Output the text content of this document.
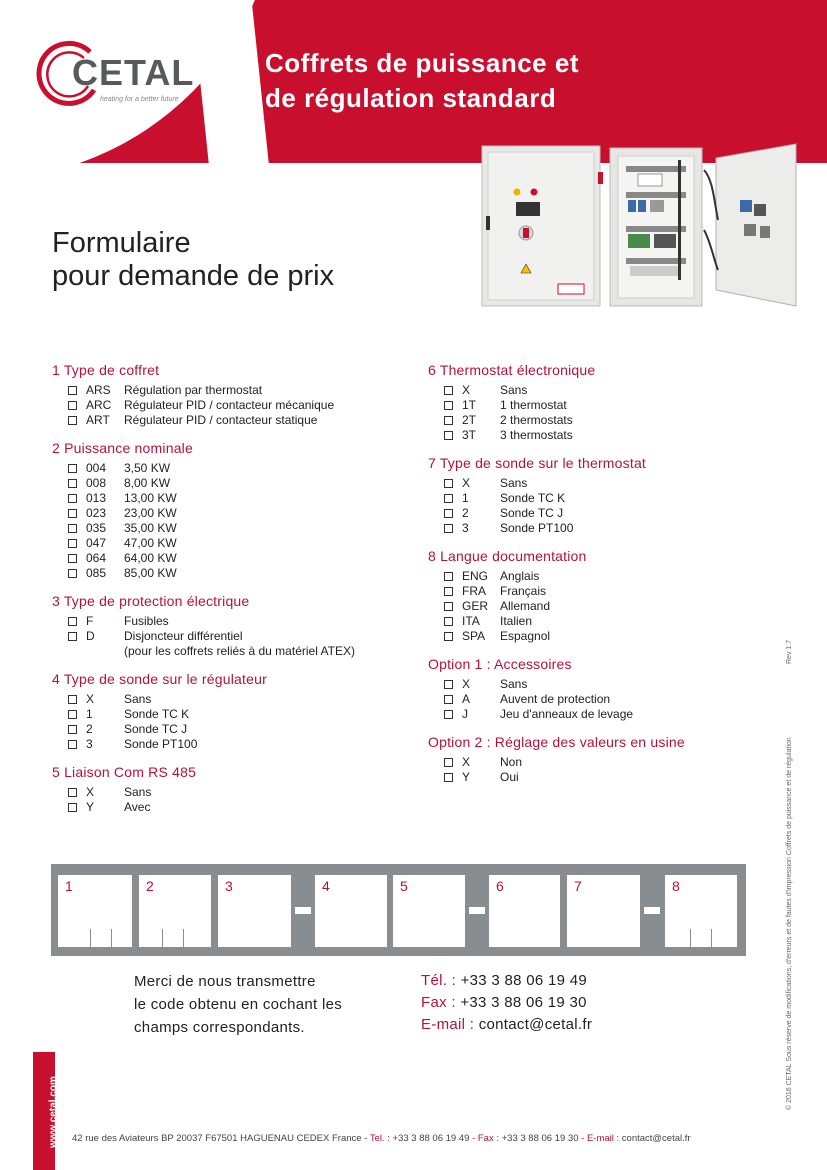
CETAL
heating for a better future
Coffrets de puissance et
de régulation standard
Formulaire
pour demande de prix
1 Type de coffret
ARS Régulation par thermostat
ARC Régulateur PID / contacteur mécanique
ART Régulateur PID / contacteur statique
2 Puissance nominale
004 3,50 KW
008 8,00 KW
013 13,00 KW
023 23,00 KW
035 35,00 KW
047 47,00 KW
064 64,00 KW
085 85,00 KW
3 Type de protection électrique
F	Fusibles
D Disjoncteur différentiel
(pour les coffrets reliés à du matériel ATEX)
4 Type de sonde sur le régulateur
X Sans
1	Sonde TC K
2	Sonde TC J
3	Sonde PT100
5 Liaison Com RS 485
X Sans
Y Avec
6 Thermostat électronique
X Sans
1T 1 thermostat
2T 2 thermostats
3T 3 thermostats
7 Type de sonde sur le thermostat
X Sans
1	Sonde TC K
2	Sonde TC J
3	Sonde PT100
8 Langue documentation
ENG Anglais
FRA Français
GER Allemand
ITA Italien
SPA Espagnol
Option 1 : Accessoires
X Sans
A Auvent de protection
J	Jeu d'anneaux de levage
Option 2 : Réglage des valeurs en usine
X Non
Y Oui
1	2	3	4	5	6	7	8
Merci de nous transmettre
le code obtenu en cochant les
champs correspondants.
Tél. : +33 3 88 06 19 49
Fax : +33 3 88 06 19 30
E-mail : contact@cetal.fr
Rev 1.7
© 2016 CETAL Sous réserve de modifications, d'erreurs et de fautes d'impression Coffrets de puissance et de régulation
www.cetal.com 42 rue des Aviateurs BP 20037 F67501 HAGUENAU CEDEX France - Tel. : +33 3 88 06 19 49 - Fax : +33 3 88 06 19 30 - E-mail : contact@cetal.fr
